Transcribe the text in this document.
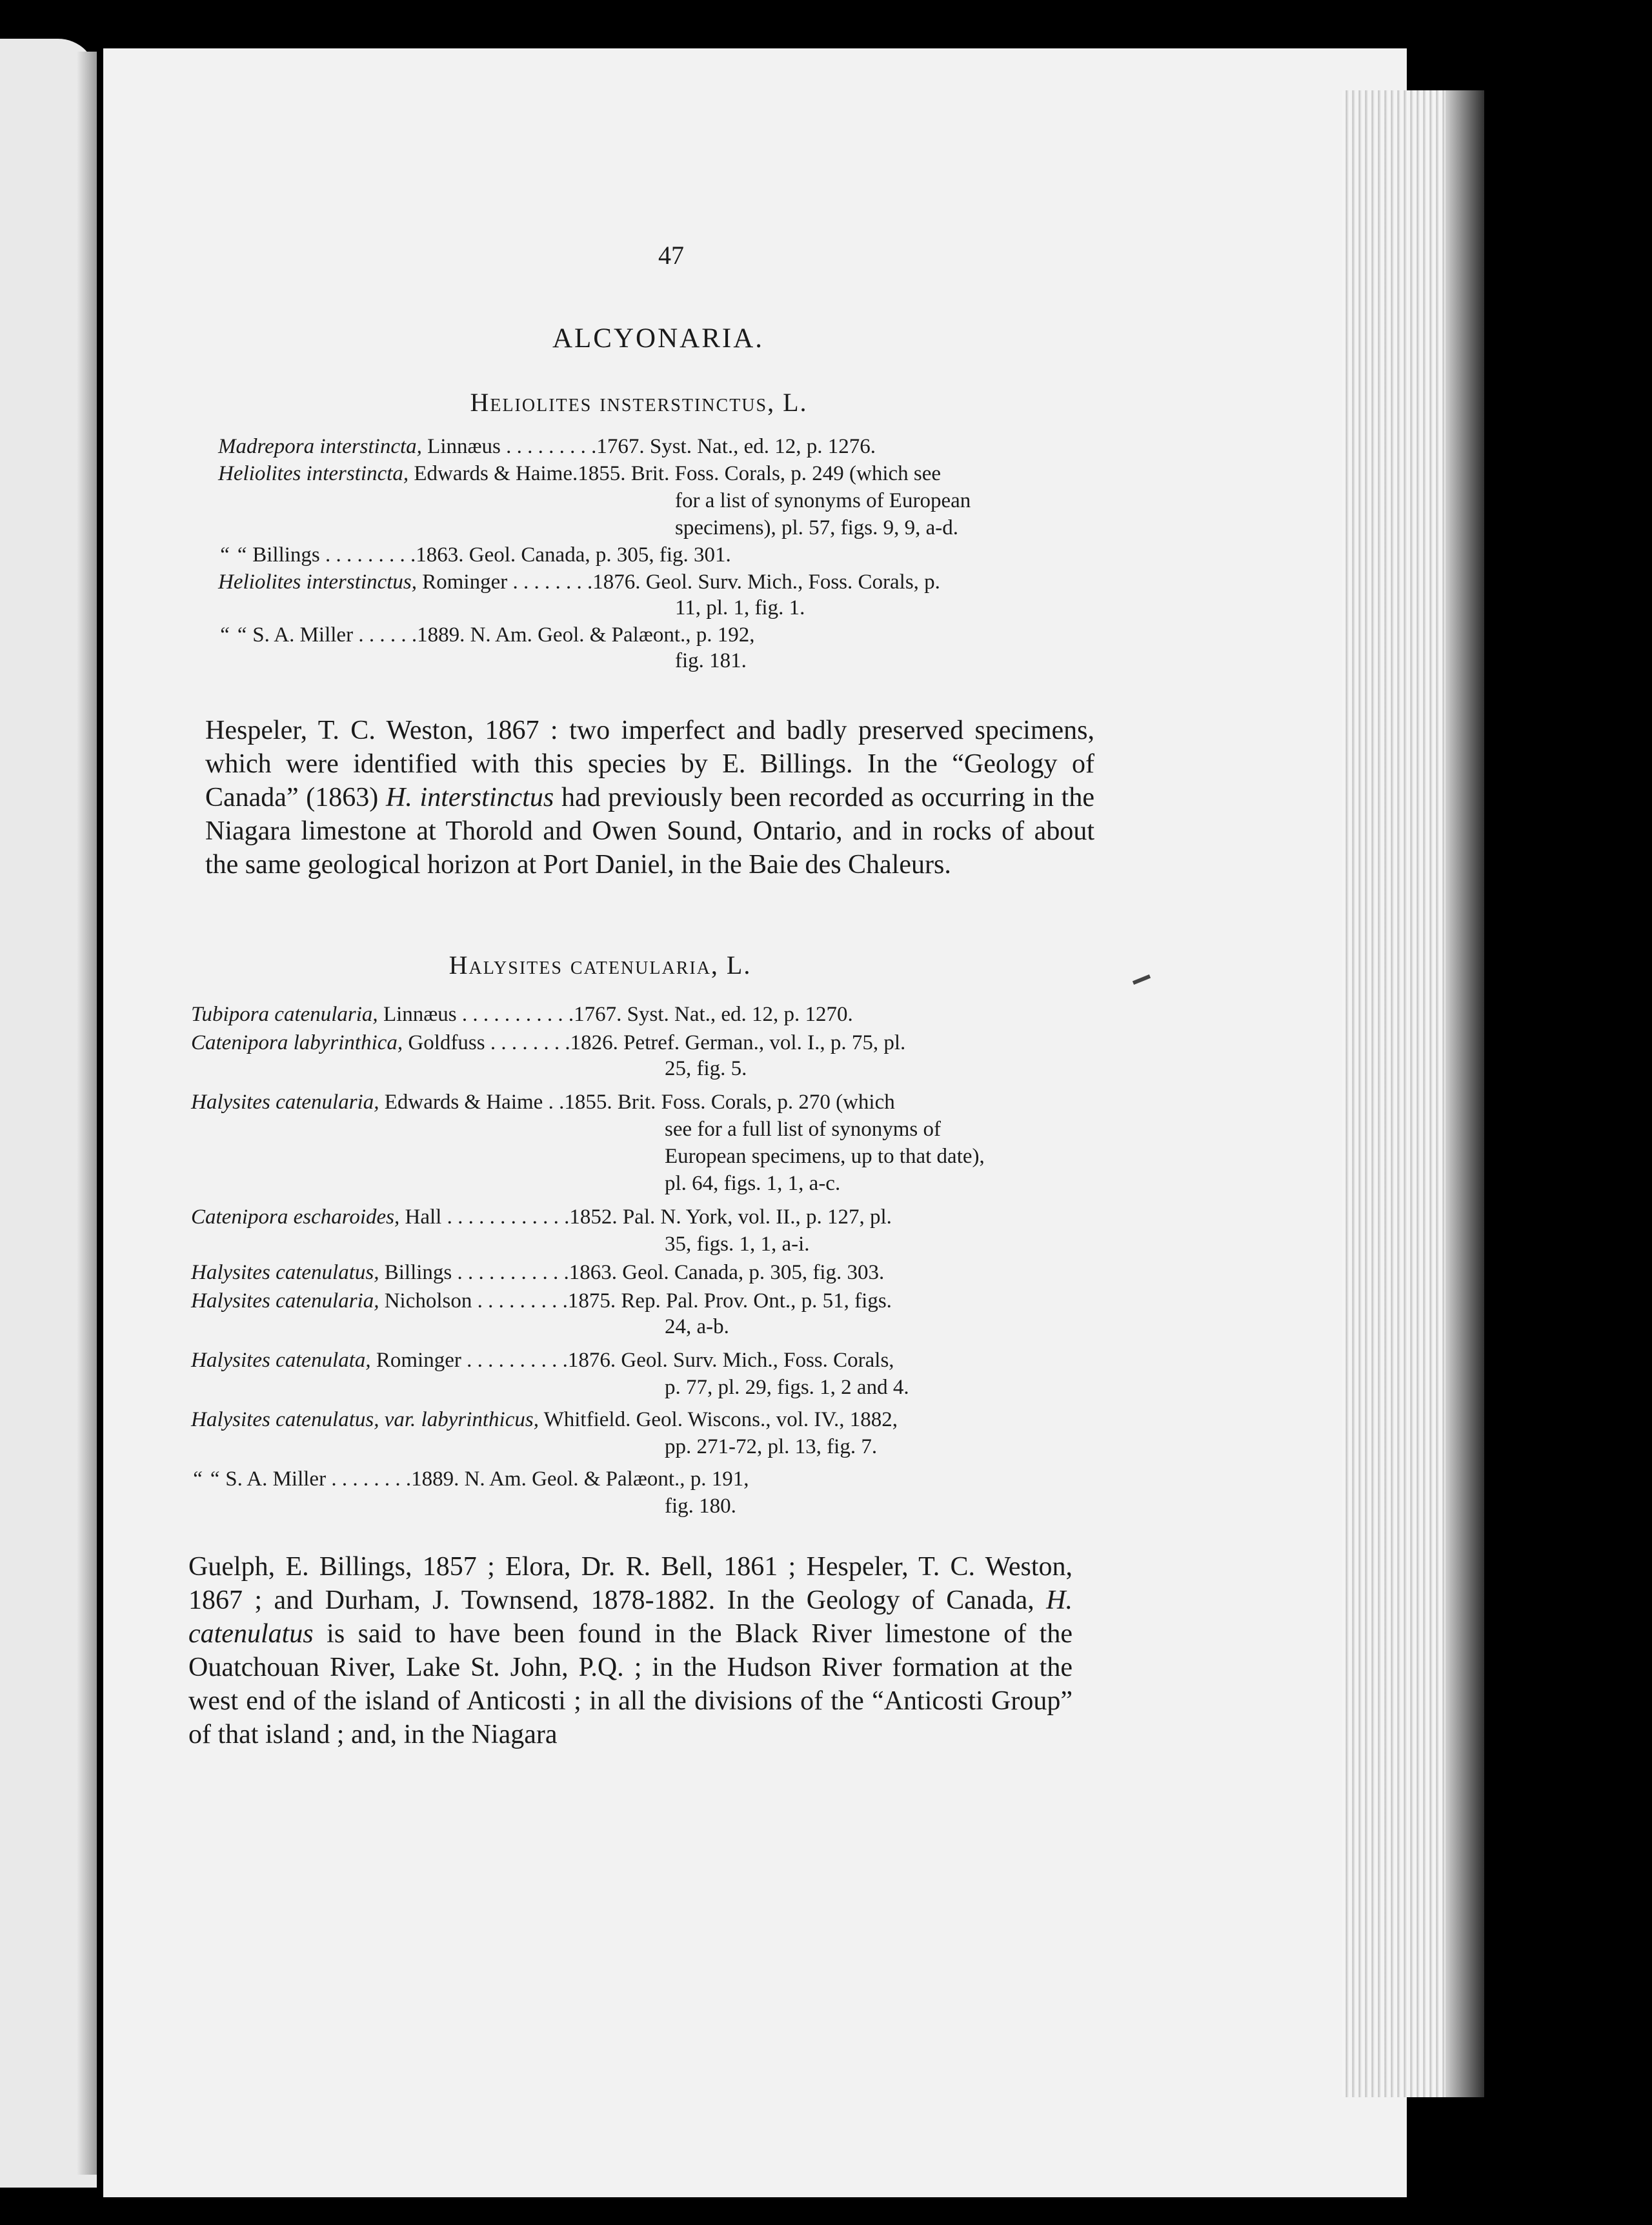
47
ALCYONARIA.
Heliolites insterstinctus, L.
Halysites catenularia, L.
Madrepora interstincta, Linnæus . . . . . . . . .1767. Syst. Nat., ed. 12, p. 1276.
Heliolites interstincta, Edwards & Haime.1855. Brit. Foss. Corals, p. 249 (which see
for a list of synonyms of European
specimens), pl. 57, figs. 9, 9, a-d.
“ “ Billings . . . . . . . . .1863. Geol. Canada, p. 305, fig. 301.
Heliolites interstinctus, Rominger . . . . . . . .1876. Geol. Surv. Mich., Foss. Corals, p.
11, pl. 1, fig. 1.
“ “ S. A. Miller . . . . . .1889. N. Am. Geol. & Palæont., p. 192,
fig. 181.
Tubipora catenularia, Linnæus . . . . . . . . . . .1767. Syst. Nat., ed. 12, p. 1270.
Catenipora labyrinthica, Goldfuss . . . . . . . .1826. Petref. German., vol. I., p. 75, pl.
25, fig. 5.
Halysites catenularia, Edwards & Haime . .1855. Brit. Foss. Corals, p. 270 (which
see for a full list of synonyms of
European specimens, up to that date),
pl. 64, figs. 1, 1, a-c.
Catenipora escharoides, Hall . . . . . . . . . . . .1852. Pal. N. York, vol. II., p. 127, pl.
35, figs. 1, 1, a-i.
Halysites catenulatus, Billings . . . . . . . . . . .1863. Geol. Canada, p. 305, fig. 303.
Halysites catenularia, Nicholson . . . . . . . . .1875. Rep. Pal. Prov. Ont., p. 51, figs.
24, a-b.
Halysites catenulata, Rominger . . . . . . . . . .1876. Geol. Surv. Mich., Foss. Corals,
p. 77, pl. 29, figs. 1, 2 and 4.
Halysites catenulatus, var. labyrinthicus, Whitfield. Geol. Wiscons., vol. IV., 1882,
pp. 271-72, pl. 13, fig. 7.
“ “ S. A. Miller . . . . . . . .1889. N. Am. Geol. & Palæont., p. 191,
fig. 180.

Hespeler, T. C. Weston, 1867 : two imperfect and badly preserved specimens, which were identified with this species by E. Billings. In the “Geology of Canada” (1863) H. interstinctus had previously been recorded as occurring in the Niagara limestone at Thorold and Owen Sound, Ontario, and in rocks of about the same geological horizon at Port Daniel, in the Baie des Chaleurs.

Guelph, E. Billings, 1857 ; Elora, Dr. R. Bell, 1861 ; Hespeler, T. C. Weston, 1867 ; and Durham, J. Townsend, 1878-1882. In the Geology of Canada, H. catenulatus is said to have been found in the Black River limestone of the Ouatchouan River, Lake St. John, P.Q. ; in the Hudson River formation at the west end of the island of Anticosti ; in all the divisions of the “Anticosti Group” of that island ; and, in the Niagara
